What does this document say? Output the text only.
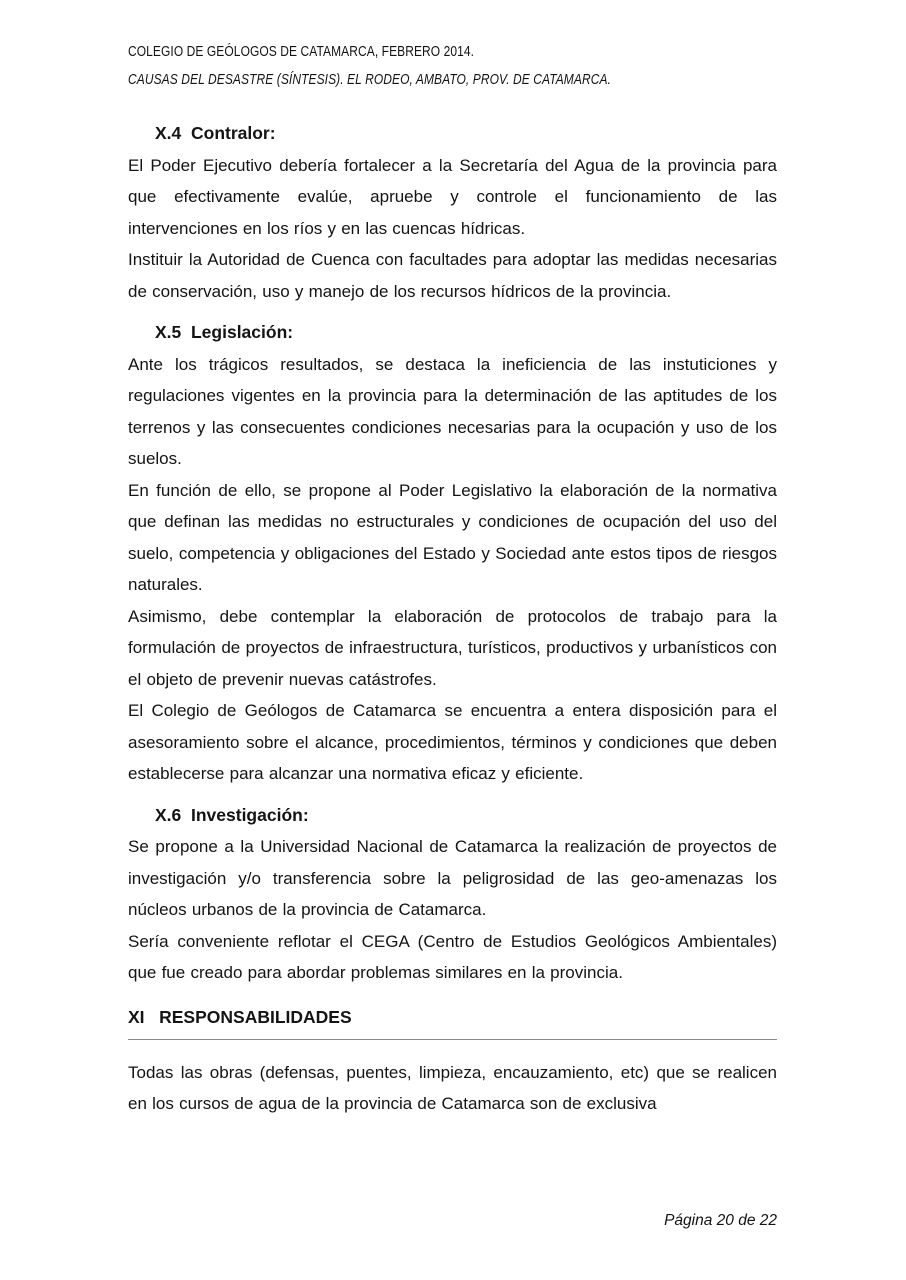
COLEGIO DE GEÓLOGOS DE CATAMARCA, FEBRERO 2014.
CAUSAS DEL DESASTRE (SÍNTESIS). EL RODEO, AMBATO, PROV. DE CATAMARCA.
X.4  Contralor:

El Poder Ejecutivo debería fortalecer a la Secretaría del Agua de la provincia para que efectivamente evalúe, apruebe y controle el funcionamiento de las intervenciones en los ríos y en las cuencas hídricas.

Instituir la Autoridad de Cuenca con facultades para adoptar las medidas necesarias de conservación, uso y manejo de los recursos hídricos de la provincia.

X.5  Legislación:

Ante los trágicos resultados, se destaca la ineficiencia de las instuticiones y regulaciones vigentes en la provincia para la determinación de las aptitudes de los terrenos y las consecuentes condiciones necesarias para la ocupación y uso de los suelos.

En función de ello, se propone al Poder Legislativo la elaboración de la normativa que definan las medidas no estructurales y condiciones de ocupación del uso del suelo, competencia y obligaciones del Estado y Sociedad ante estos tipos de riesgos naturales.

Asimismo, debe contemplar la elaboración de protocolos de trabajo para la formulación de proyectos de infraestructura, turísticos, productivos y urbanísticos con el objeto de prevenir nuevas catástrofes.

El Colegio de Geólogos de Catamarca se encuentra a entera disposición para el asesoramiento sobre el alcance, procedimientos, términos y condiciones que deben establecerse para alcanzar una normativa eficaz y eficiente.

X.6  Investigación:

Se propone a la Universidad Nacional de Catamarca la realización de proyectos de investigación y/o transferencia sobre la peligrosidad de las geo-amenazas los núcleos urbanos de la provincia de Catamarca.

Sería conveniente reflotar el CEGA (Centro de Estudios Geológicos Ambientales) que fue creado para abordar problemas similares en la provincia.

XI   RESPONSABILIDADES

Todas las obras (defensas, puentes, limpieza, encauzamiento, etc) que se realicen en los cursos de agua de la provincia de Catamarca son de exclusiva

Página 20 de 22
